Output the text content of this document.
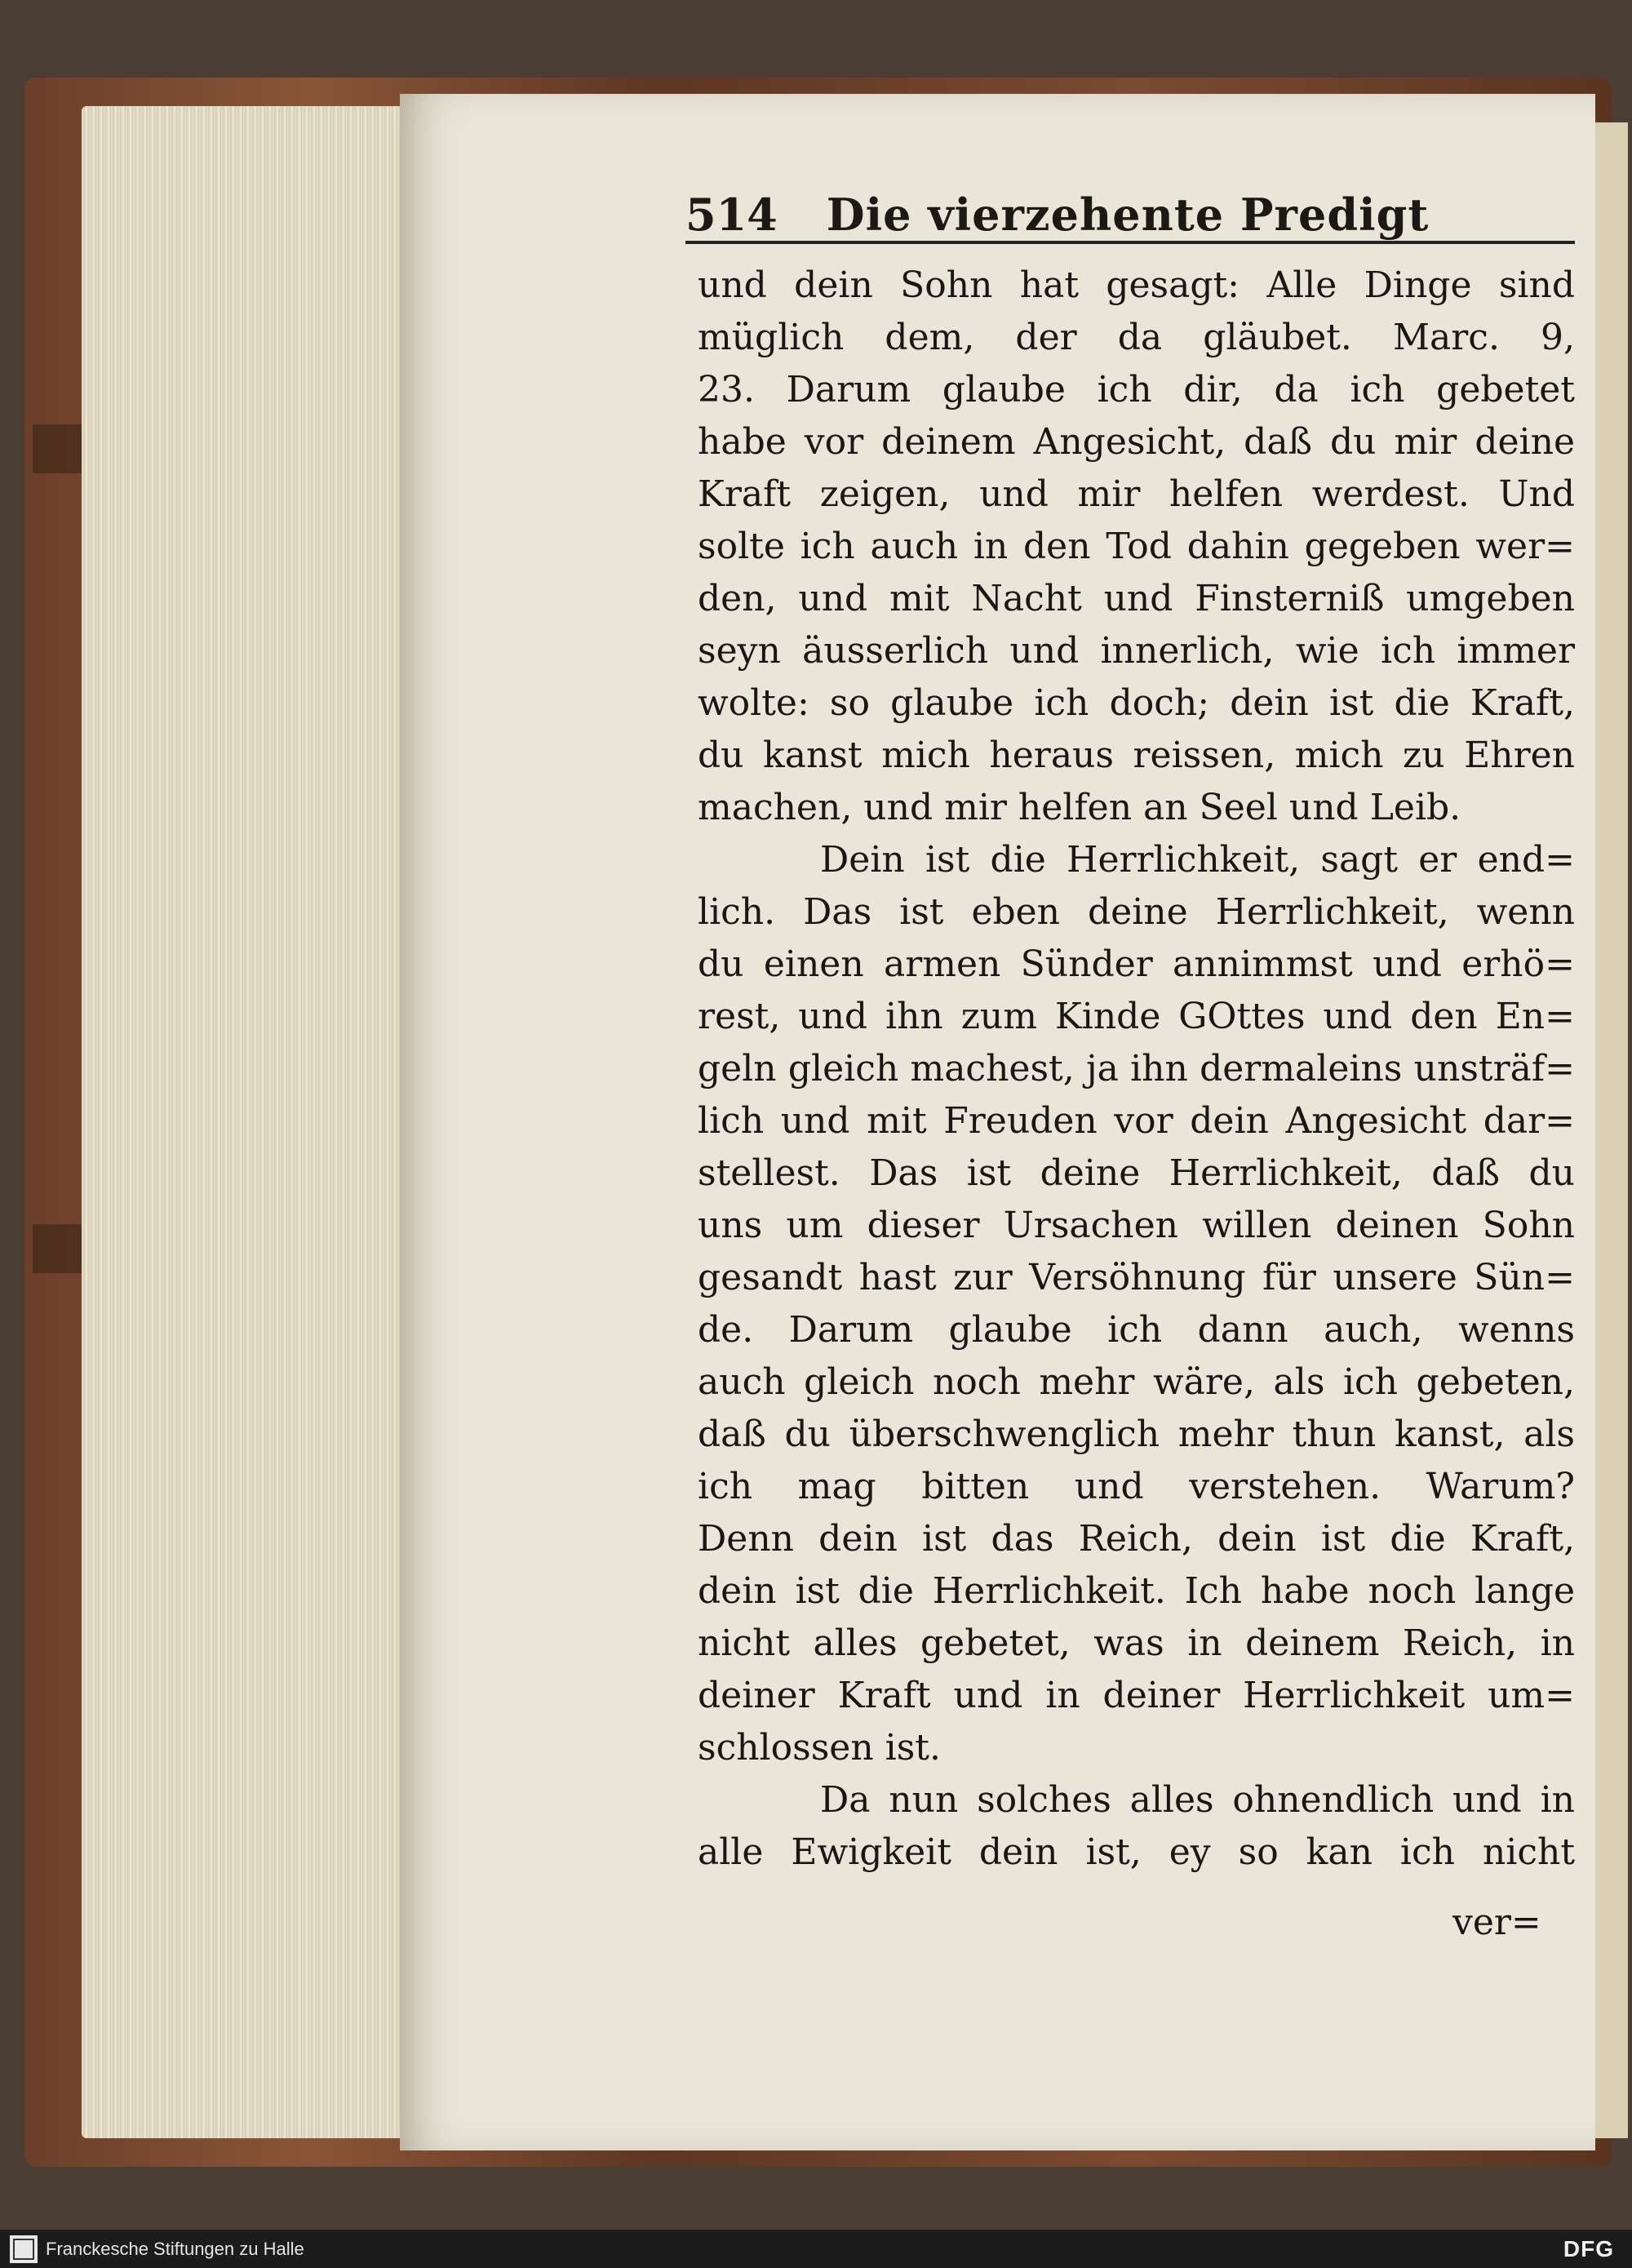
514 Die vierzehente Predigt
und dein Sohn hat gesagt: Alle Dinge sind
müglich dem, der da gläubet. Marc. 9,
23. Darum glaube ich dir, da ich gebetet
habe vor deinem Angesicht, daß du mir deine
Kraft zeigen, und mir helfen werdest. Und
solte ich auch in den Tod dahin gegeben wer=
den, und mit Nacht und Finsterniß umgeben
seyn äusserlich und innerlich, wie ich immer
wolte: so glaube ich doch; dein ist die Kraft,
du kanst mich heraus reissen, mich zu Ehren
machen, und mir helfen an Seel und Leib.
Dein ist die Herrlichkeit, sagt er end=
lich. Das ist eben deine Herrlichkeit, wenn
du einen armen Sünder annimmst und erhö=
rest, und ihn zum Kinde GOttes und den En=
geln gleich machest, ja ihn dermaleins unsträf=
lich und mit Freuden vor dein Angesicht dar=
stellest. Das ist deine Herrlichkeit, daß du
uns um dieser Ursachen willen deinen Sohn
gesandt hast zur Versöhnung für unsere Sün=
de. Darum glaube ich dann auch, wenns
auch gleich noch mehr wäre, als ich gebeten,
daß du überschwenglich mehr thun kanst, als
ich mag bitten und verstehen. Warum?
Denn dein ist das Reich, dein ist die Kraft,
dein ist die Herrlichkeit. Ich habe noch lange
nicht alles gebetet, was in deinem Reich, in
deiner Kraft und in deiner Herrlichkeit um=
schlossen ist.
Da nun solches alles ohnendlich und in
alle Ewigkeit dein ist, ey so kan ich nicht
ver=
Franckesche Stiftungen zu Halle	DFG
